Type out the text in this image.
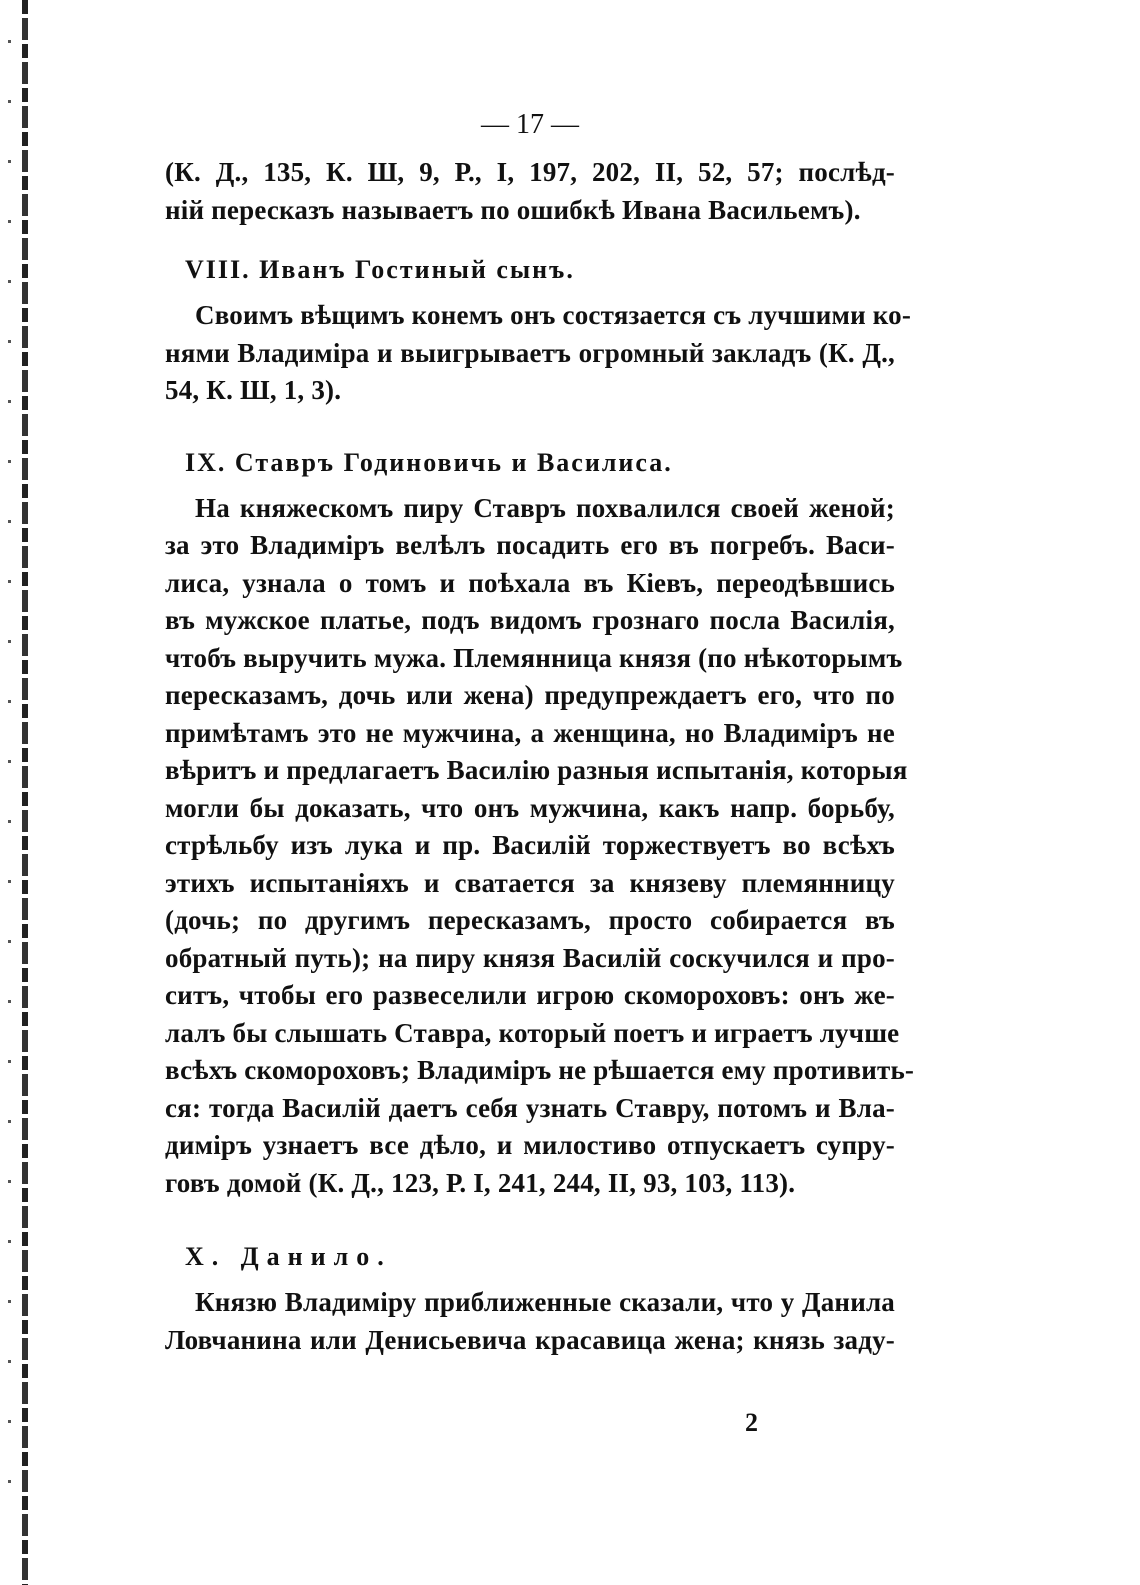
— 17 —
(К. Д., 135, К. Ш, 9, Р., I, 197, 202, II, 52, 57; послѣд-
нiй пересказъ называетъ по ошибкѣ Ивана Васильемъ).
VIII. Иванъ Гостиный сынъ.
Своимъ вѣщимъ конемъ онъ состязается съ лучшими ко-
нями Владимiра и выигрываетъ огромный закладъ (К. Д.,
54, К. Ш, 1, 3).
IX. Ставръ Годиновичь и Василиса.
На княжескомъ пиру Ставръ похвалился своей женой;
за это Владимiръ велѣлъ посадить его въ погребъ. Васи-
лиса, узнала о томъ и поѣхала въ Кiевъ, переодѣвшись
въ мужское платье, подъ видомъ грознаго посла Василiя,
чтобъ выручить мужа. Племянница князя (по нѣкоторымъ
пересказамъ, дочь или жена) предупреждаетъ его, что по
примѣтамъ это не мужчина, а женщина, но Владимiръ не
вѣритъ и предлагаетъ Василiю разныя испытанiя, которыя
могли бы доказать, что онъ мужчина, какъ напр. борьбу,
стрѣльбу изъ лука и пр. Василiй торжествуетъ во всѣхъ
этихъ испытанiяхъ и сватается за князеву племянницу
(дочь; по другимъ пересказамъ, просто собирается въ
обратный путь); на пиру князя Василiй соскучился и про-
ситъ, чтобы его развеселили игрою скомороховъ: онъ же-
лалъ бы слышать Ставра, который поетъ и играетъ лучше
всѣхъ скомороховъ; Владимiръ не рѣшается ему противить-
ся: тогда Василiй даетъ себя узнать Ставру, потомъ и Вла-
димiръ узнаетъ все дѣло, и милостиво отпускаетъ супру-
говъ домой (К. Д., 123, Р. I, 241, 244, II, 93, 103, 113).
X. Данило.
Князю Владимiру приближенные сказали, что у Данила
Ловчанина или Денисьевича красавица жена; князь заду-
2
